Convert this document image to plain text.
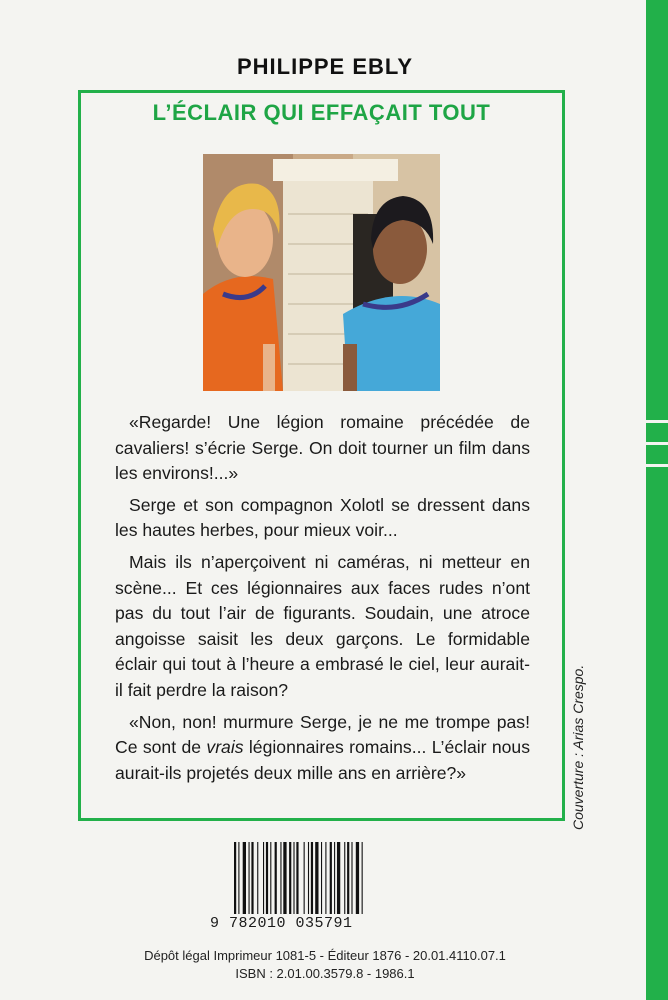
PHILIPPE EBLY
L’ÉCLAIR QUI EFFAÇAIT TOUT

«Regarde! Une légion romaine précédée de cavaliers! s’écrie Serge. On doit tourner un film dans les environs!...»

Serge et son compagnon Xolotl se dressent dans les hautes herbes, pour mieux voir...

Mais ils n’aperçoivent ni caméras, ni metteur en scène... Et ces légionnaires aux faces rudes n’ont pas du tout l’air de figurants. Soudain, une atroce angoisse saisit les deux garçons. Le formidable éclair qui tout à l’heure a embrasé le ciel, leur aurait-il fait perdre la raison?

«Non, non! murmure Serge, je ne me trompe pas! Ce sont de vrais légionnaires romains... L’éclair nous aurait-ils projetés deux mille ans en arrière?»	Couverture : Arias Crespo.
9 782010 035791
Dépôt légal Imprimeur 1081-5 - Éditeur 1876 - 20.01.4110.07.1
ISBN : 2.01.00.3579.8 - 1986.1
